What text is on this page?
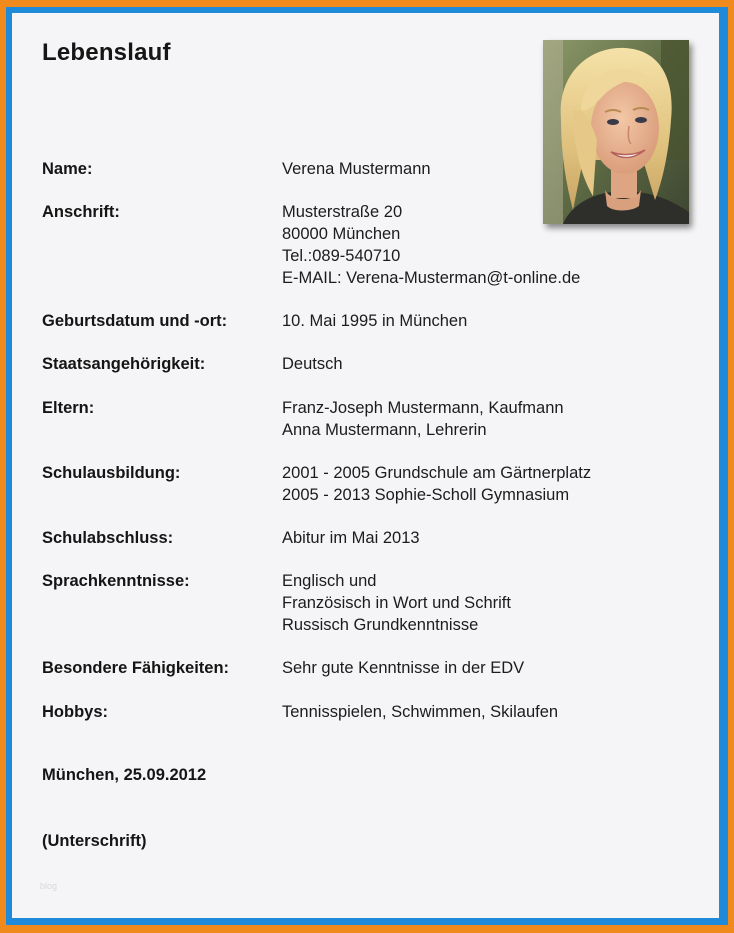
Lebenslauf
Name:	Verena Mustermann
Anschrift:	Musterstraße 20
80000 München
Tel.:089-540710
E-MAIL: Verena-Musterman@t-online.de
Geburtsdatum und -ort:	10. Mai 1995 in München
Staatsangehörigkeit:	Deutsch
Eltern:	Franz-Joseph Mustermann, Kaufmann
Anna Mustermann, Lehrerin
Schulausbildung:	2001 - 2005 Grundschule am Gärtnerplatz
2005 - 2013 Sophie-Scholl Gymnasium
Schulabschluss:	Abitur im Mai 2013
Sprachkenntnisse:	Englisch und
Französisch in Wort und Schrift
Russisch Grundkenntnisse
Besondere Fähigkeiten:	Sehr gute Kenntnisse in der EDV
Hobbys:	Tennisspielen, Schwimmen, Skilaufen
München, 25.09.2012
(Unterschrift)
blog
